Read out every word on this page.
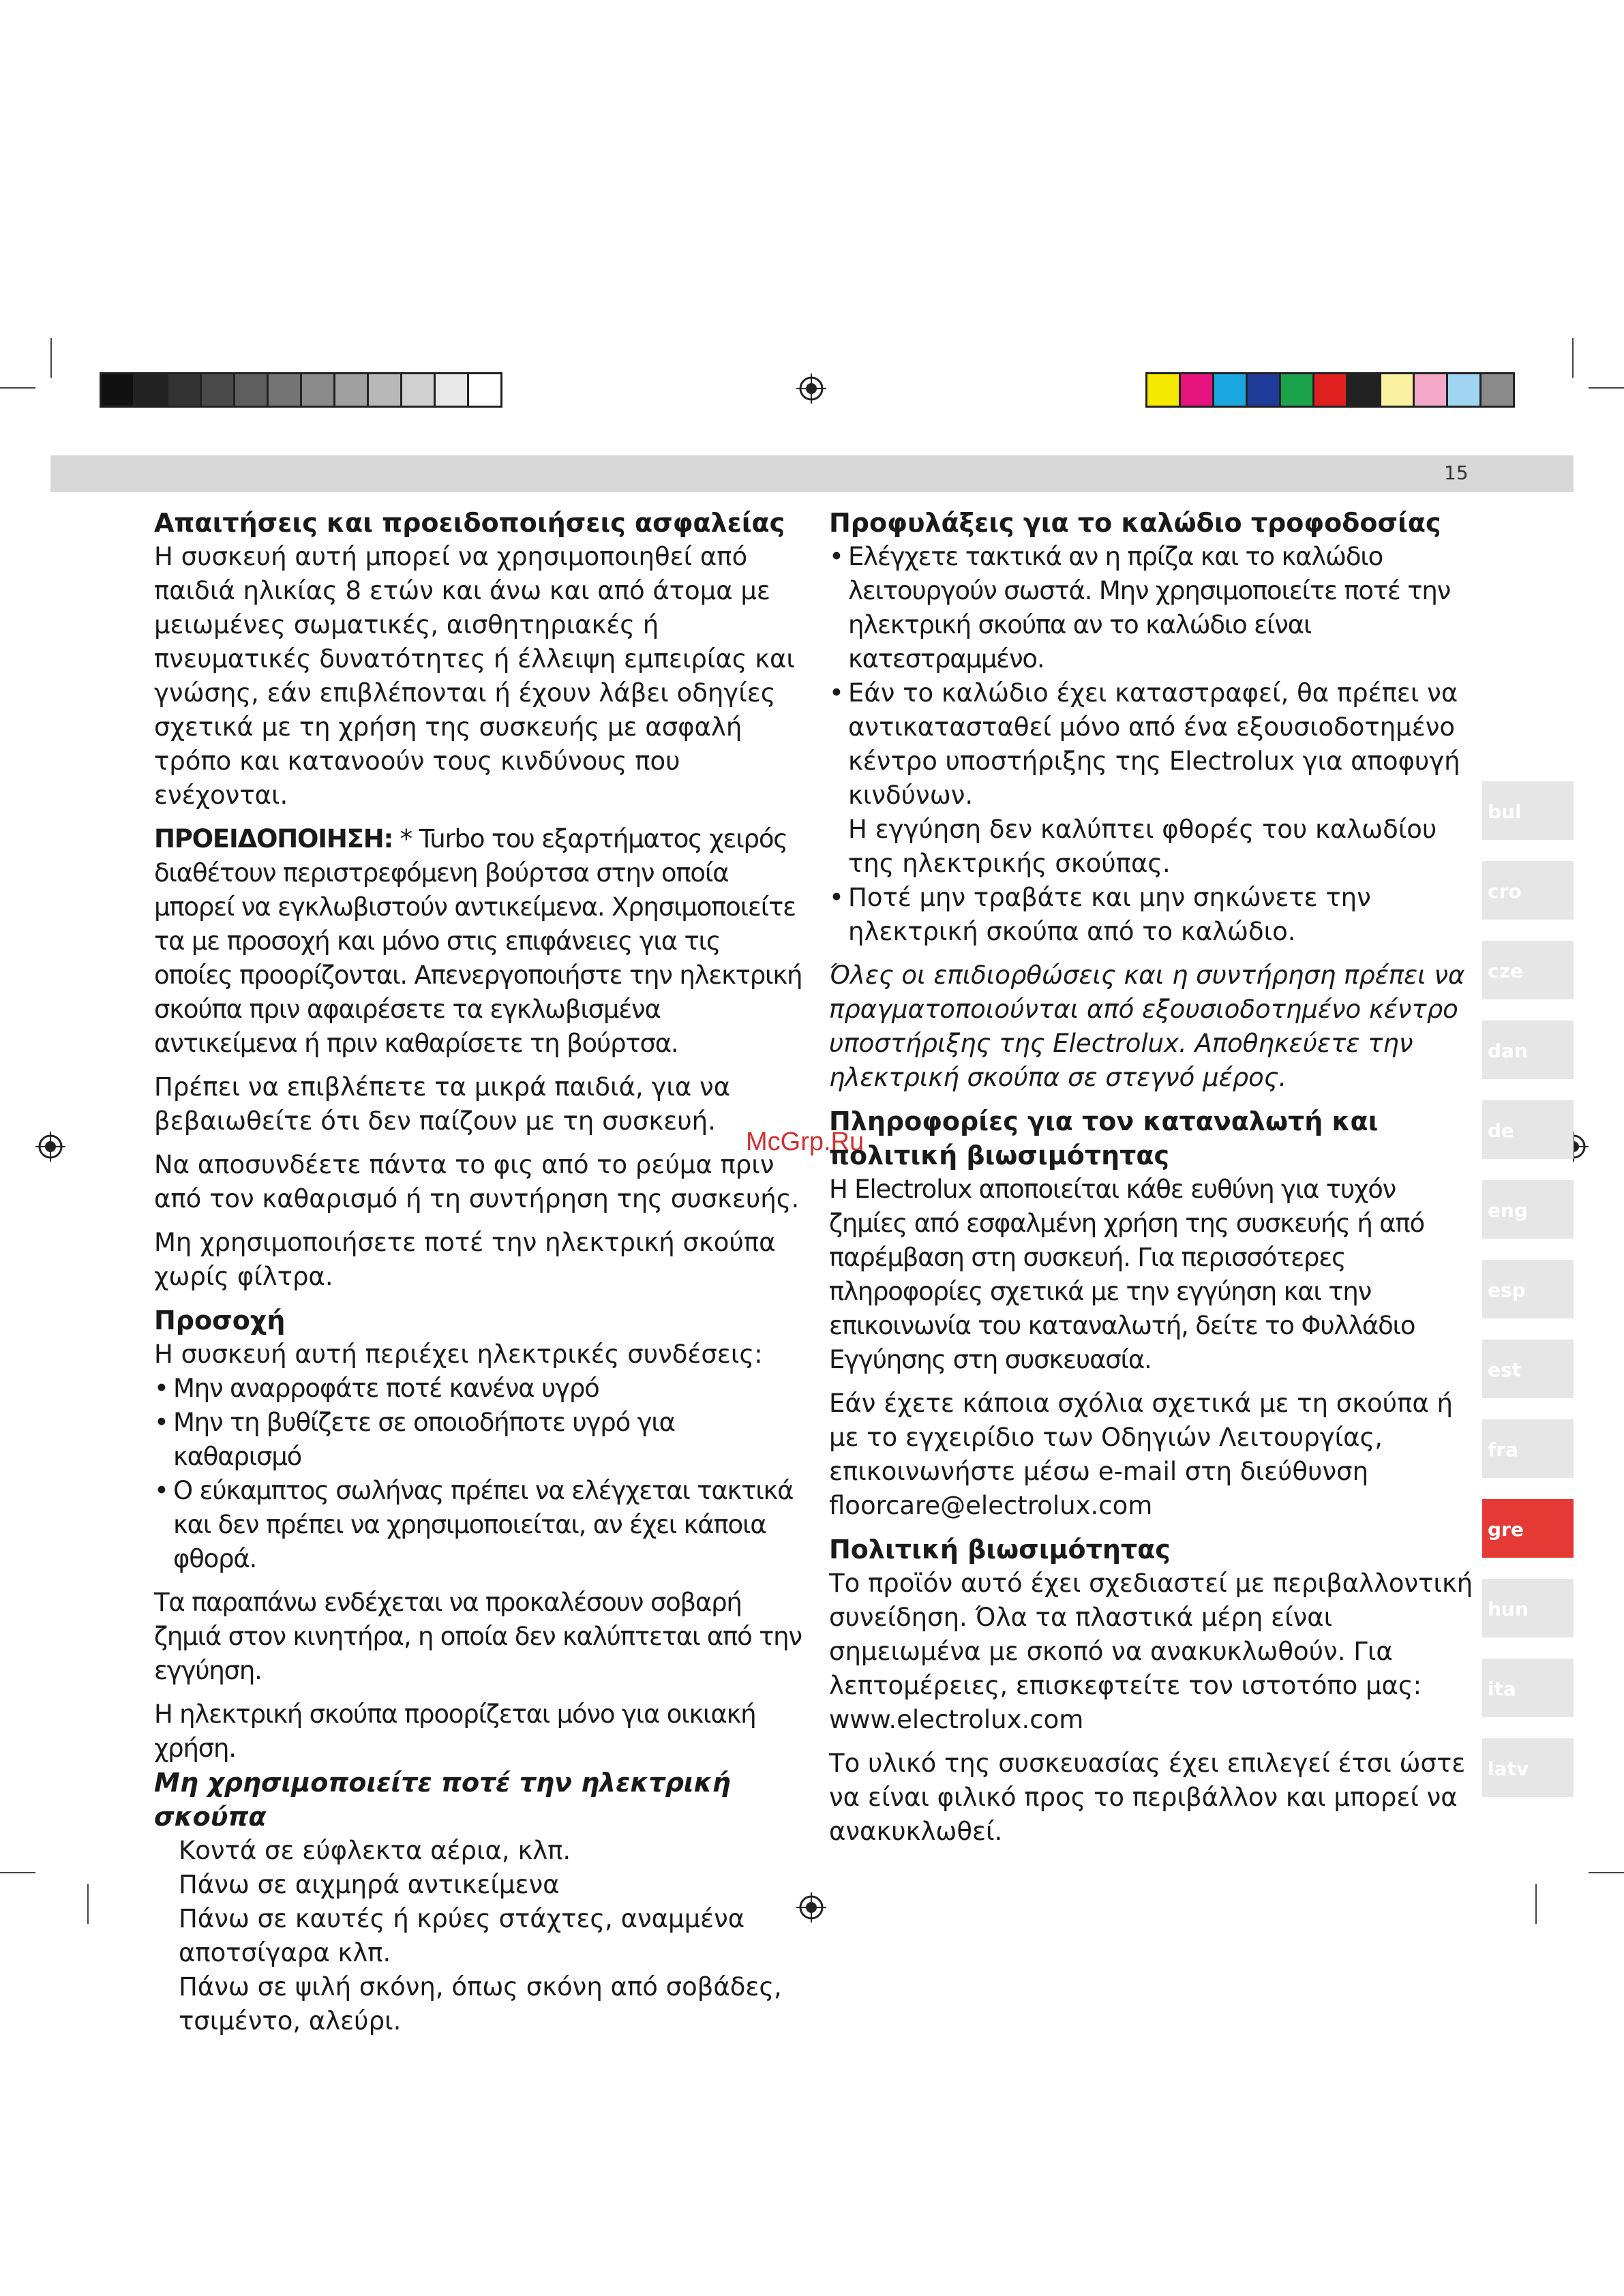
15
Απαιτήσεις και προειδοποιήσεις ασφαλείας

Η συσκευή αυτή μπορεί να χρησιμοποιηθεί από παιδιά ηλικίας 8 ετών και άνω και από άτομα με μειωμένες σωματικές, αισθητηριακές ή πνευματικές δυνατότητες ή έλλειψη εμπειρίας και γνώσης, εάν επιβλέπονται ή έχουν λάβει οδηγίες σχετικά με τη χρήση της συσκευής με ασφαλή τρόπο και κατανοούν τους κινδύνους που ενέχονται.

ΠΡΟΕΙΔΟΠΟΙΗΣΗ: * Turbo του εξαρτήματος χειρός διαθέτουν περιστρεφόμενη βούρτσα στην οποία μπορεί να εγκλωβιστούν αντικείμενα. Χρησιμοποιείτε τα με προσοχή και μόνο στις επιφάνειες για τις οποίες προορίζονται. Απενεργοποιήστε την ηλεκτρική σκούπα πριν αφαιρέσετε τα εγκλωβισμένα αντικείμενα ή πριν καθαρίσετε τη βούρτσα.

Πρέπει να επιβλέπετε τα μικρά παιδιά, για να βεβαιωθείτε ότι δεν παίζουν με τη συσκευή.

Να αποσυνδέετε πάντα το φις από το ρεύμα πριν από τον καθαρισμό ή τη συντήρηση της συσκευής.

Μη χρησιμοποιήσετε ποτέ την ηλεκτρική σκούπα χωρίς φίλτρα.

Προσοχή

Η συσκευή αυτή περιέχει ηλεκτρικές συνδέσεις:

• Μην αναρροφάτε ποτέ κανένα υγρό
• Μην τη βυθίζετε σε οποιοδήποτε υγρό για καθαρισμό
• Ο εύκαμπτος σωλήνας πρέπει να ελέγχεται τακτικά και δεν πρέπει να χρησιμοποιείται, αν έχει κάποια φθορά.

Τα παραπάνω ενδέχεται να προκαλέσουν σοβαρή ζημιά στον κινητήρα, η οποία δεν καλύπτεται από την εγγύηση.

Η ηλεκτρική σκούπα προορίζεται μόνο για οικιακή χρήση.

Μη χρησιμοποιείτε ποτέ την ηλεκτρική σκούπα

Κοντά σε εύφλεκτα αέρια, κλπ.

Πάνω σε αιχμηρά αντικείμενα

Πάνω σε καυτές ή κρύες στάχτες, αναμμένα αποτσίγαρα κλπ.

Πάνω σε ψιλή σκόνη, όπως σκόνη από σοβάδες, τσιμέντο, αλεύρι.

Προφυλάξεις για το καλώδιο τροφοδοσίας
• Ελέγχετε τακτικά αν η πρίζα και το καλώδιο λειτουργούν σωστά. Μην χρησιμοποιείτε ποτέ την ηλεκτρική σκούπα αν το καλώδιο είναι κατεστραμμένο.
• Εάν το καλώδιο έχει καταστραφεί, θα πρέπει να αντικατασταθεί μόνο από ένα εξουσιοδοτημένο κέντρο υποστήριξης της Electrolux για αποφυγή κινδύνων.

Η εγγύηση δεν καλύπτει φθορές του καλωδίου της ηλεκτρικής σκούπας.

• Ποτέ μην τραβάτε και μην σηκώνετε την ηλεκτρική σκούπα από το καλώδιο.

Όλες οι επιδιορθώσεις και η συντήρηση πρέπει να πραγματοποιούνται από εξουσιοδοτημένο κέντρο υποστήριξης της Electrolux. Αποθηκεύετε την ηλεκτρική σκούπα σε στεγνό μέρος.

Πληροφορίες για τον καταναλωτή και πολιτική βιωσιμότητας

Η Electrolux αποποιείται κάθε ευθύνη για τυχόν ζημίες από εσφαλμένη χρήση της συσκευής ή από παρέμβαση στη συσκευή. Για περισσότερες πληροφορίες σχετικά με την εγγύηση και την επικοινωνία του καταναλωτή, δείτε το Φυλλάδιο Εγγύησης στη συσκευασία.

Εάν έχετε κάποια σχόλια σχετικά με τη σκούπα ή με το εγχειρίδιο των Οδηγιών Λειτουργίας, επικοινωνήστε μέσω e-mail στη διεύθυνση floorcare@electrolux.com

Πολιτική βιωσιμότητας

Το προϊόν αυτό έχει σχεδιαστεί με περιβαλλοντική συνείδηση. Όλα τα πλαστικά μέρη είναι σημειωμένα με σκοπό να ανακυκλωθούν. Για λεπτομέρειες, επισκεφτείτε τον ιστοτόπο μας: www.electrolux.com

Το υλικό της συσκευασίας έχει επιλεγεί έτσι ώστε να είναι φιλικό προς το περιβάλλον και μπορεί να ανακυκλωθεί.

bul
cro
cze
dan
de
eng
esp
est
fra
gre
hun
ita
latv
McGrp.Ru
